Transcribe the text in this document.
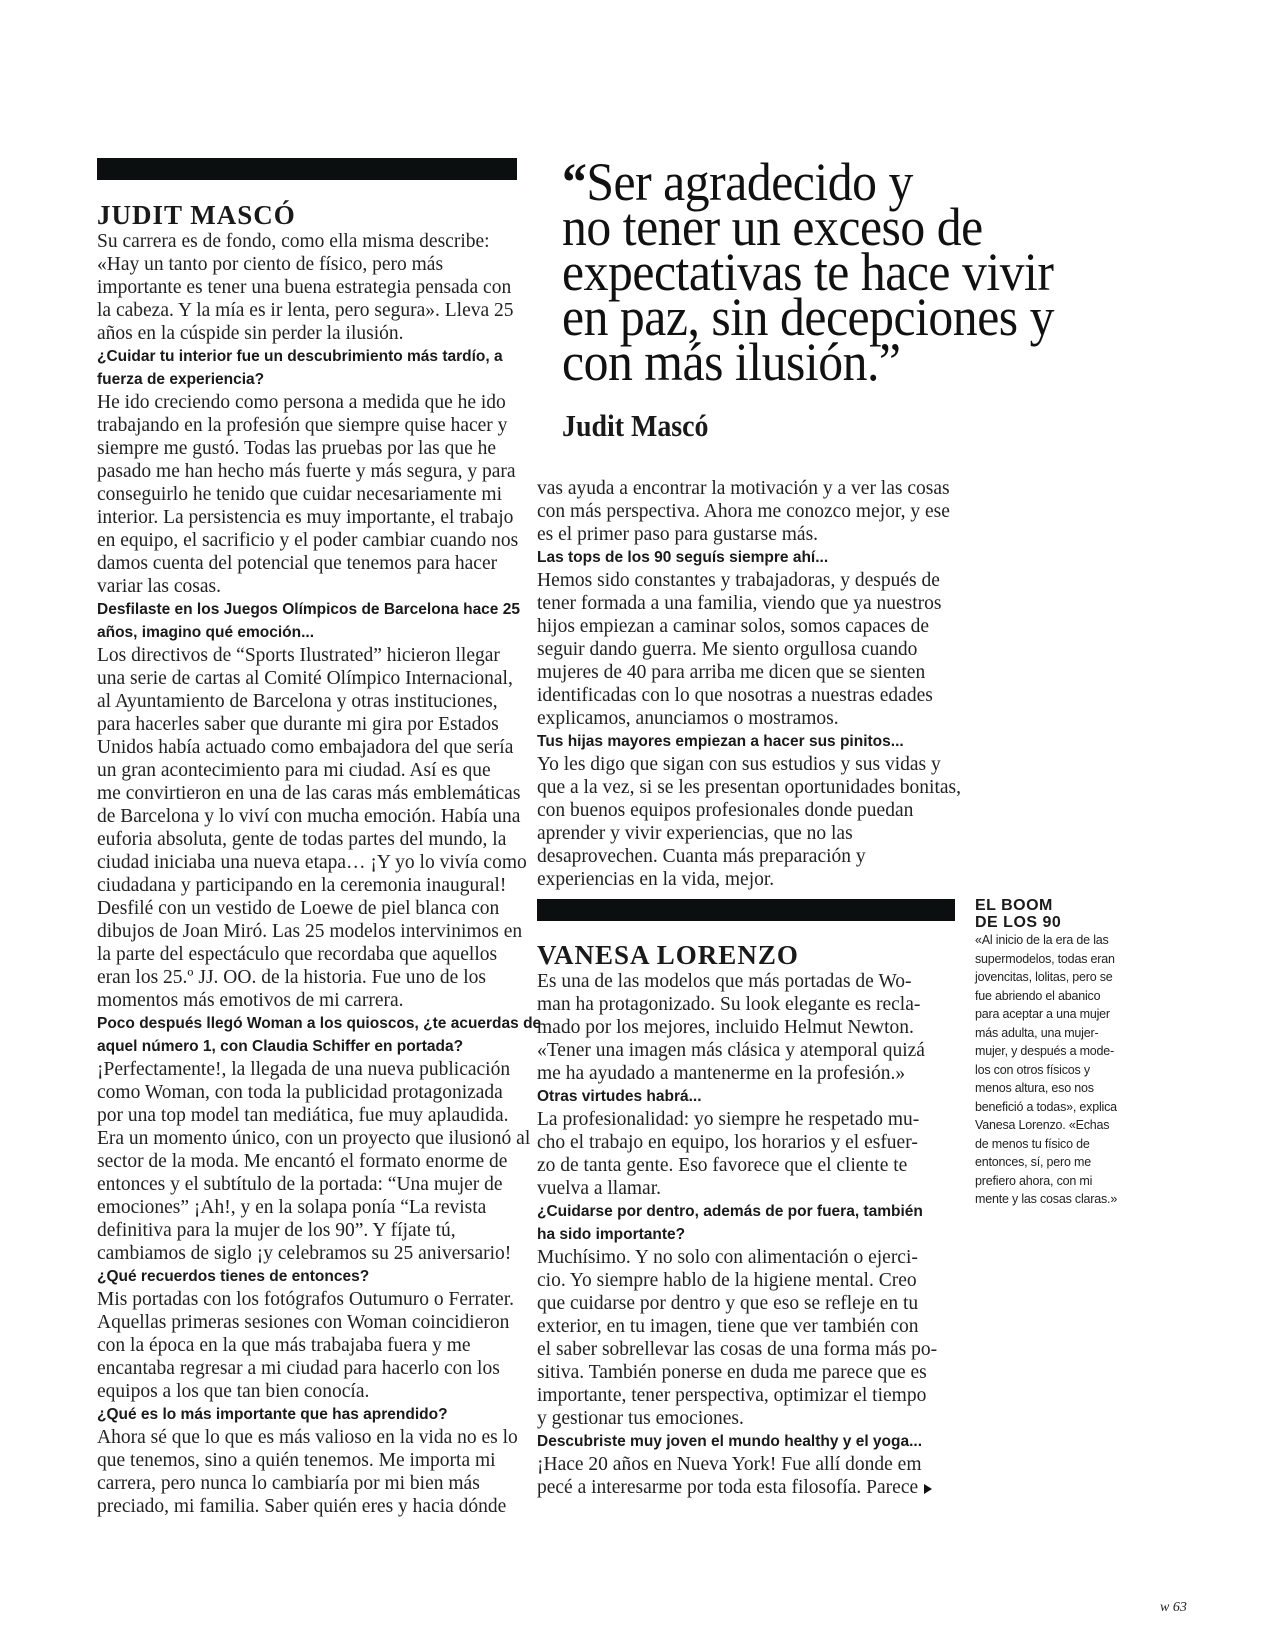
JUDIT MASCÓ
Su carrera es de fondo, como ella misma describe:
«Hay un tanto por ciento de físico, pero más
importante es tener una buena estrategia pensada con
la cabeza. Y la mía es ir lenta, pero segura». Lleva 25
años en la cúspide sin perder la ilusión.
¿Cuidar tu interior fue un descubrimiento más tardío, a
fuerza de experiencia?
He ido creciendo como persona a medida que he ido
trabajando en la profesión que siempre quise hacer y
siempre me gustó. Todas las pruebas por las que he
pasado me han hecho más fuerte y más segura, y para
conseguirlo he tenido que cuidar necesariamente mi
interior. La persistencia es muy importante, el trabajo
en equipo, el sacrificio y el poder cambiar cuando nos
damos cuenta del potencial que tenemos para hacer
variar las cosas.
Desfilaste en los Juegos Olímpicos de Barcelona hace 25
años, imagino qué emoción...
Los directivos de “Sports Ilustrated” hicieron llegar
una serie de cartas al Comité Olímpico Internacional,
al Ayuntamiento de Barcelona y otras instituciones,
para hacerles saber que durante mi gira por Estados
Unidos había actuado como embajadora del que sería
un gran acontecimiento para mi ciudad. Así es que
me convirtieron en una de las caras más emblemáticas
de Barcelona y lo viví con mucha emoción. Había una
euforia absoluta, gente de todas partes del mundo, la
ciudad iniciaba una nueva etapa… ¡Y yo lo vivía como
ciudadana y participando en la ceremonia inaugural!
Desfilé con un vestido de Loewe de piel blanca con
dibujos de Joan Miró. Las 25 modelos intervinimos en
la parte del espectáculo que recordaba que aquellos
eran los 25.º JJ. OO. de la historia. Fue uno de los
momentos más emotivos de mi carrera.
Poco después llegó Woman a los quioscos, ¿te acuerdas de
aquel número 1, con Claudia Schiffer en portada?
¡Perfectamente!, la llegada de una nueva publicación
como Woman, con toda la publicidad protagonizada
por una top model tan mediática, fue muy aplaudida.
Era un momento único, con un proyecto que ilusionó al
sector de la moda. Me encantó el formato enorme de
entonces y el subtítulo de la portada: “Una mujer de
emociones” ¡Ah!, y en la solapa ponía “La revista
definitiva para la mujer de los 90”. Y fíjate tú,
cambiamos de siglo ¡y celebramos su 25 aniversario!
¿Qué recuerdos tienes de entonces?
Mis portadas con los fotógrafos Outumuro o Ferrater.
Aquellas primeras sesiones con Woman coincidieron
con la época en la que más trabajaba fuera y me
encantaba regresar a mi ciudad para hacerlo con los
equipos a los que tan bien conocía.
¿Qué es lo más importante que has aprendido?
Ahora sé que lo que es más valioso en la vida no es lo
que tenemos, sino a quién tenemos. Me importa mi
carrera, pero nunca lo cambiaría por mi bien más
preciado, mi familia. Saber quién eres y hacia dónde
“Ser agradecido y
no tener un exceso de
expectativas te hace vivir
en paz, sin decepciones y
con más ilusión.”
Judit Mascó
vas ayuda a encontrar la motivación y a ver las cosas
con más perspectiva. Ahora me conozco mejor, y ese
es el primer paso para gustarse más.
Las tops de los 90 seguís siempre ahí...
Hemos sido constantes y trabajadoras, y después de
tener formada a una familia, viendo que ya nuestros
hijos empiezan a caminar solos, somos capaces de
seguir dando guerra. Me siento orgullosa cuando
mujeres de 40 para arriba me dicen que se sienten
identificadas con lo que nosotras a nuestras edades
explicamos, anunciamos o mostramos.
Tus hijas mayores empiezan a hacer sus pinitos...
Yo les digo que sigan con sus estudios y sus vidas y
que a la vez, si se les presentan oportunidades bonitas,
con buenos equipos profesionales donde puedan
aprender y vivir experiencias, que no las
desaprovechen. Cuanta más preparación y
experiencias en la vida, mejor.
VANESA LORENZO
Es una de las modelos que más portadas de Wo-
man ha protagonizado. Su look elegante es recla-
mado por los mejores, incluido Helmut Newton.
«Tener una imagen más clásica y atemporal quizá
me ha ayudado a mantenerme en la profesión.»
Otras virtudes habrá...
La profesionalidad: yo siempre he respetado mu-
cho el trabajo en equipo, los horarios y el esfuer-
zo de tanta gente. Eso favorece que el cliente te
vuelva a llamar.
¿Cuidarse por dentro, además de por fuera, también
ha sido importante?
Muchísimo. Y no solo con alimentación o ejerci-
cio. Yo siempre hablo de la higiene mental. Creo
que cuidarse por dentro y que eso se refleje en tu
exterior, en tu imagen, tiene que ver también con
el saber sobrellevar las cosas de una forma más po-
sitiva. También ponerse en duda me parece que es
importante, tener perspectiva, optimizar el tiempo
y gestionar tus emociones.
Descubriste muy joven el mundo healthy y el yoga...
¡Hace 20 años en Nueva York! Fue allí donde em
pecé a interesarme por toda esta filosofía. Parece
EL BOOM
DE LOS 90
«Al inicio de la era de las
supermodelos, todas eran
jovencitas, lolitas, pero se
fue abriendo el abanico
para aceptar a una mujer
más adulta, una mujer-
mujer, y después a mode-
los con otros físicos y
menos altura, eso nos
benefició a todas», explica
Vanesa Lorenzo. «Echas
de menos tu físico de
entonces, sí, pero me
prefiero ahora, con mi
mente y las cosas claras.»
w 63
